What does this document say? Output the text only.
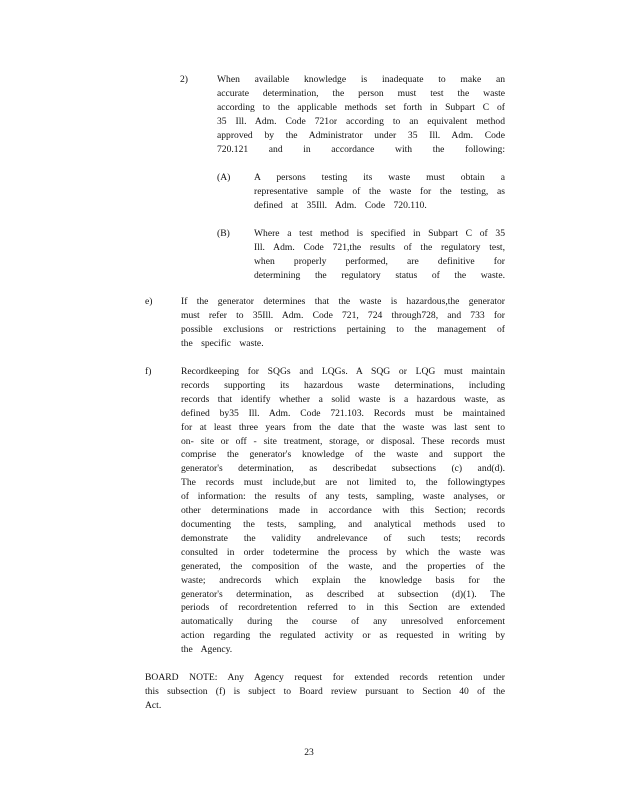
2)	When available knowledge is inadequate to make an
accurate determination, the person must test the waste
according to the applicable methods set forth in Subpart C of
35 Ill. Adm. Code 721or according to an equivalent method
approved by the Administrator under 35 Ill. Adm. Code
720.121 and in accordance with the following:
(A) A persons testing its waste must obtain a
representative sample of the waste for the testing, as
defined at 35Ill. Adm. Code 720.110.
(B)	Where a test method is specified in Subpart C of 35
Ill. Adm. Code 721,the results of the regulatory test,
when properly performed, are definitive for
determining the regulatory status of the waste.
e)	If the generator determines that the waste is hazardous,the generator
must refer to 35Ill. Adm. Code 721, 724 through728, and 733 for
possible exclusions or restrictions pertaining to the management of
the specific waste.
f)	Recordkeeping for SQGs and LQGs. A SQG or LQG must maintain
records supporting its hazardous waste determinations, including
records that identify whether a solid waste is a hazardous waste, as
defined by35 Ill. Adm. Code 721.103. Records must be maintained
for at least three years from the date that the waste was last sent to
on- site or off - site treatment, storage, or disposal. These records must
comprise the generator's knowledge of the waste and support the
generator's determination, as describedat subsections (c) and(d).
The records must include,but are not limited to, the followingtypes
of information: the results of any tests, sampling, waste analyses, or
other determinations made in accordance with this Section; records
documenting the tests, sampling, and analytical methods used to
demonstrate the validity andrelevance of such tests; records
consulted in order todetermine the process by which the waste was
generated, the composition of the waste, and the properties of the
waste; andrecords which explain the knowledge basis for the
generator's determination, as described at subsection (d)(1). The
periods of recordretention referred to in this Section are extended
automatically during the course of any unresolved enforcement
action regarding the regulated activity or as requested in writing by
the Agency.
BOARD NOTE: Any Agency request for extended records retention under
this subsection (f) is subject to Board review pursuant to Section 40 of the
Act.
23
